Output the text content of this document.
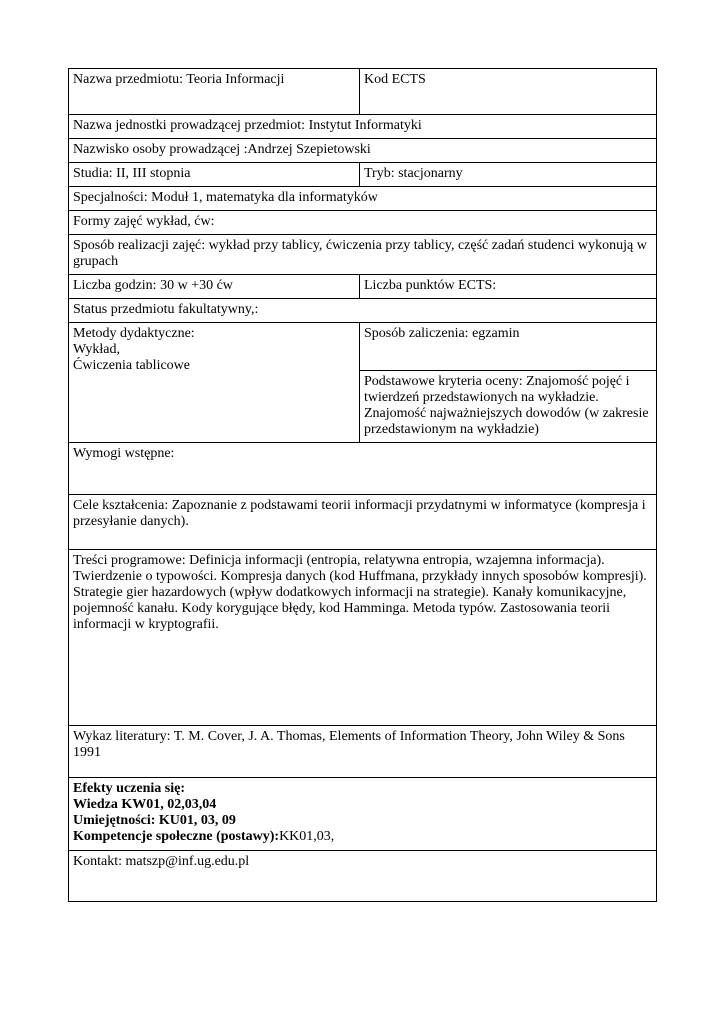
Nazwa przedmiotu: Teoria Informacji	Kod ECTS
Nazwa jednostki prowadzącej przedmiot: Instytut Informatyki	
Nazwisko osoby prowadzącej :Andrzej Szepietowski	
Studia: II, III stopnia	Tryb: stacjonarny
Specjalności: Moduł 1, matematyka dla informatyków	
Formy zajęć wykład, ćw:	
Sposób realizacji zajęć: wykład przy tablicy, ćwiczenia przy tablicy, część zadań studenci wykonują w grupach	
Liczba godzin: 30 w +30 ćw	Liczba punktów ECTS:
Status przedmiotu fakultatywny,:	

Metody dydaktyczne:
Wykład,
Ćwiczenia tablicowe	Sposób zaliczenia: egzamin
	Podstawowe kryteria oceny: Znajomość pojęć i twierdzeń przedstawionych na wykładzie. Znajomość najważniejszych dowodów (w zakresie przedstawionym na wykładzie)
Wymogi wstępne:	
Cele kształcenia: Zapoznanie z podstawami teorii informacji przydatnymi w informatyce (kompresja i przesyłanie danych).	
Treści programowe: Definicja informacji (entropia, relatywna entropia, wzajemna informacja). Twierdzenie o typowości. Kompresja danych (kod Huffmana, przykłady innych sposobów kompresji). Strategie gier hazardowych (wpływ dodatkowych informacji na strategie). Kanały komunikacyjne, pojemność kanału. Kody korygujące błędy, kod Hamminga. Metoda typów. Zastosowania teorii informacji w kryptografii.	
Wykaz literatury: T. M. Cover, J. A. Thomas, Elements of Information Theory, John Wiley & Sons 1991	

Efekty uczenia się:
Wiedza KW01, 02,03,04
Umiejętności: KU01, 03, 09
Kompetencje społeczne (postawy):KK01,03,	

Kontakt: matszp@inf.ug.edu.pl	
